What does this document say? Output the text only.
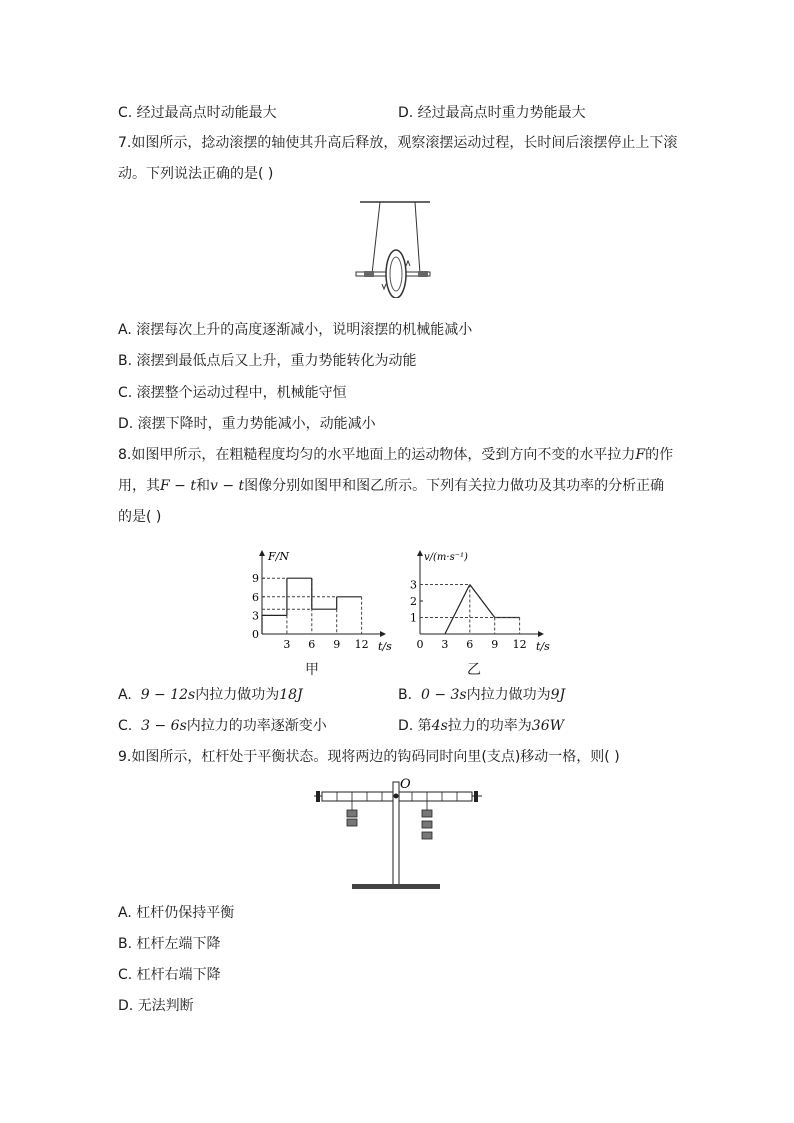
C. 经过最高点时动能最大	D. 经过最高点时重力势能最大
7.如图所示，捻动滚摆的轴使其升高后释放，观察滚摆运动过程，长时间后滚摆停止上下滚动。下列说法正确的是( )
A. 滚摆每次上升的高度逐渐减小，说明滚摆的机械能减小
B. 滚摆到最低点后又上升，重力势能转化为动能
C. 滚摆整个运动过程中，机械能守恒
D. 滚摆下降时，重力势能减小，动能减小
8.如图甲所示，在粗糙程度均匀的水平地面上的运动物体，受到方向不变的水平拉力F的作用，其F − t和v − t图像分别如图甲和图乙所示。下列有关拉力做功及其功率的分析正确的是( )
F/N
t/s
0
3
6
9
3 6 9 12
甲
v/(m·s⁻¹)
t/s
1
2
3
0 3 6 9 12
乙
A. 9 − 12s内拉力做功为18J	B. 0 − 3s内拉力做功为9J
C. 3 − 6s内拉力的功率逐渐变小	D. 第4s拉力的功率为36W
9.如图所示，杠杆处于平衡状态。现将两边的钩码同时向里(支点)移动一格，则( )
O
A. 杠杆仍保持平衡
B. 杠杆左端下降
C. 杠杆右端下降
D. 无法判断
